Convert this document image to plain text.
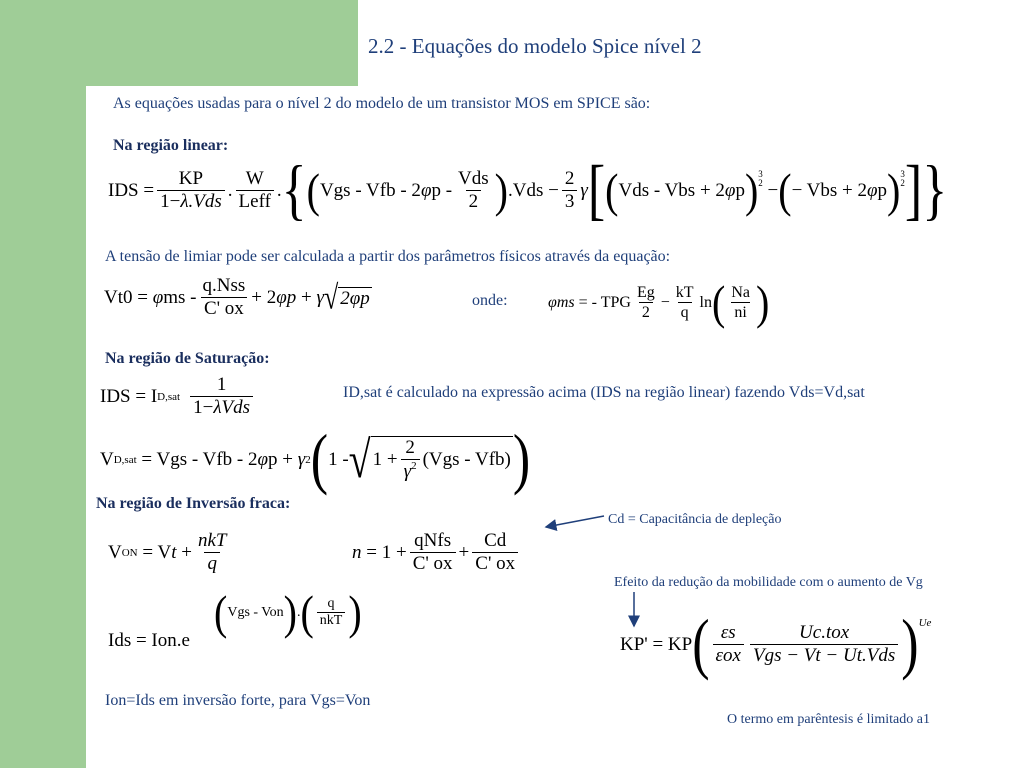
2.2 - Equações do modelo Spice nível 2
As equações usadas para o nível 2 do modelo de um transistor MOS em SPICE são:
Na região linear:
IDS
= $\frac{KP}{\text{1−λ.Vds}}$ . $\frac{W}{\text{Leff}}$ . { ( Vgs - Vfb - 2 φ p - $\frac{\text{Vds}}{2}$ ) .Vds
− $\frac{2}{3}$ γ [ ( Vds - Vbs + 2 φ p ) 3
2
− ( − Vbs + 2 φ p ) 3
2 ] }
A tensão de limiar pode ser calculada a partir dos parâmetros físicos através da equação:
Vt0
=
φ ms - $\frac{\text{q.Nss}}{C' ox} + 2$ φp
+
γ √ 2φp	onde:	φms
= - TPG $\frac{Eg}{2} - \frac{kT}{q}$ ln ( $\frac{Na}{ni}$ )
Na região de Saturação:
IDS
=
I $D,sat \frac{1}{\text{1−λVds}}$	ID,sat é calculado na expressão acima (IDS na região linear) fazendo Vds=Vd,sat
V D,sat
= Vgs - Vfb - 2 φ p +
γ 2 ( 1 - √ $1 + \frac{2}{\gamma^2} (Vgs - Vfb)$ )
Na região de Inversão fraca:
V ON
= V t
+ $\frac{\text{nkT}}{q}$	n
= $1 + \frac{\text{qNfs}}{C' ox} + \frac{Cd}{C' ox}$
Cd = Capacitância de depleção
Efeito da redução da mobilidade com o aumento de Vg
( Vgs - Von ) . ( $\frac{q}{\text{nkT}}$ )
Ids = Ion.e	KP' = KP ( $\frac{\varepsilon s}{\text{εox}} \frac{\text{Uc.tox}}{\text{Vgs − Vt − Ut.Vds}}$ ) Ue
Ion=Ids em inversão forte, para Vgs=Von
O termo em parêntesis é limitado a1
